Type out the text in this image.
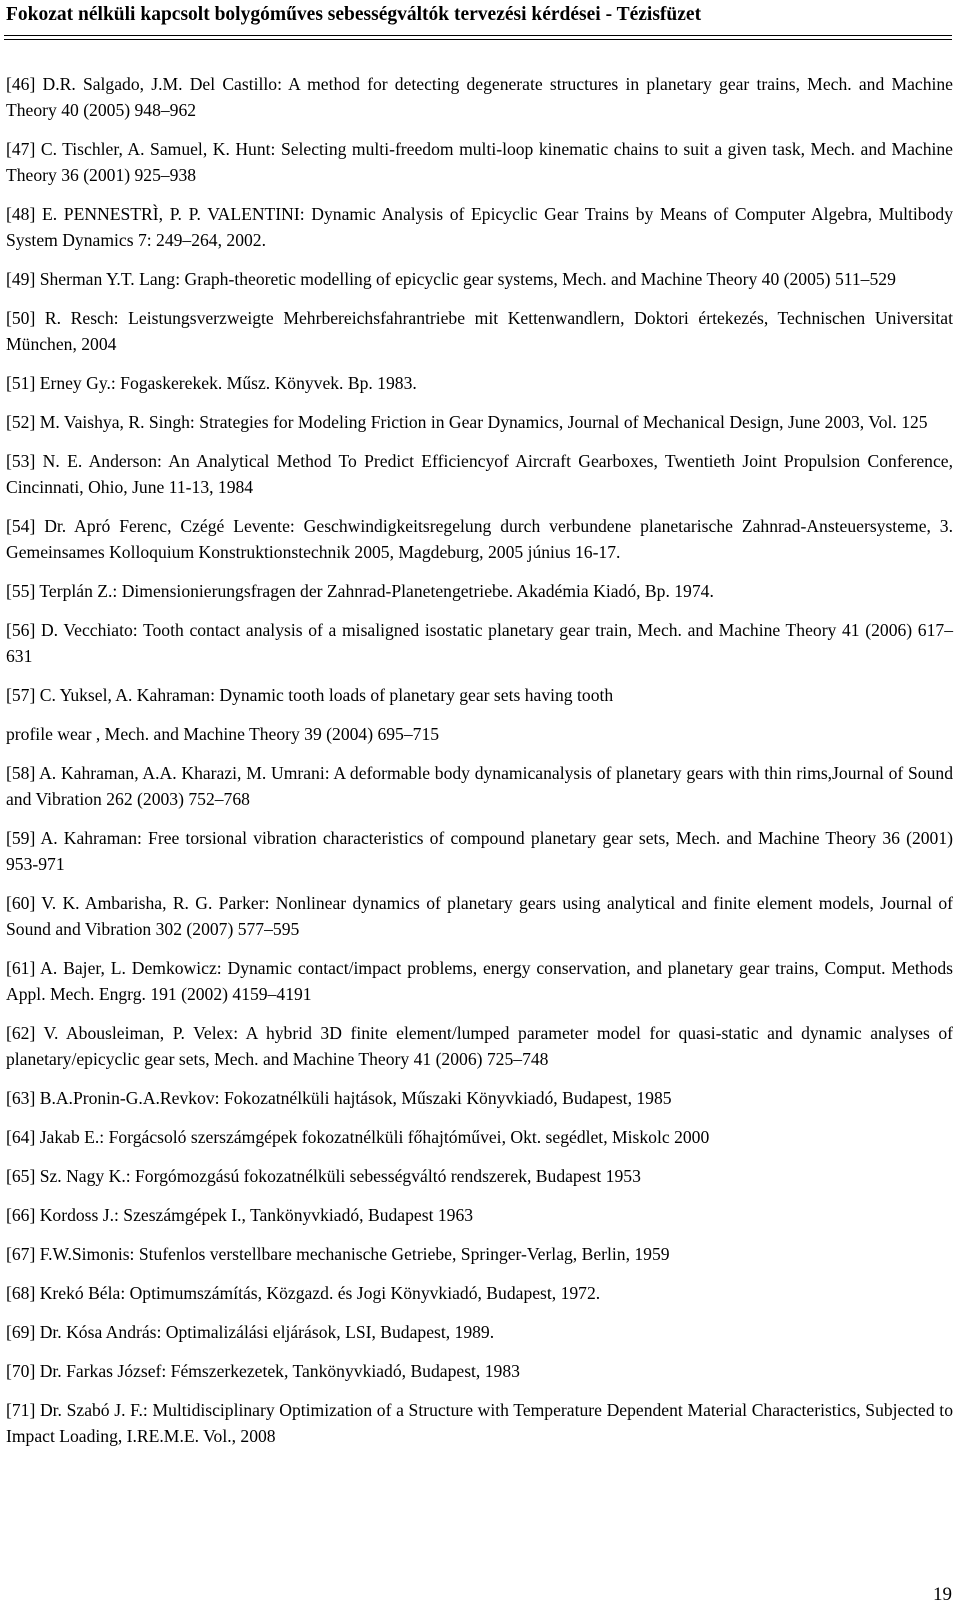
Fokozat nélküli kapcsolt bolygóműves sebességváltók tervezési kérdései - Tézisfüzet
[46] D.R. Salgado, J.M. Del Castillo: A method for detecting degenerate structures in planetary gear trains, Mech. and Machine Theory 40 (2005) 948–962
[47] C. Tischler, A. Samuel, K. Hunt: Selecting multi-freedom multi-loop kinematic chains to suit a given task, Mech. and Machine Theory 36 (2001) 925–938
[48] E. PENNESTRÌ, P. P. VALENTINI: Dynamic Analysis of Epicyclic Gear Trains by Means of Computer Algebra, Multibody System Dynamics 7: 249–264, 2002.
[49] Sherman Y.T. Lang: Graph-theoretic modelling of epicyclic gear systems, Mech. and Machine Theory 40 (2005) 511–529
[50] R. Resch: Leistungsverzweigte Mehrbereichsfahrantriebe mit Kettenwandlern, Doktori értekezés, Technischen Universitat München, 2004
[51] Erney Gy.: Fogaskerekek. Műsz. Könyvek. Bp. 1983.
[52] M. Vaishya, R. Singh: Strategies for Modeling Friction in Gear Dynamics, Journal of Mechanical Design, June 2003, Vol. 125
[53] N. E. Anderson: An Analytical Method To Predict Efficiencyof Aircraft Gearboxes, Twentieth Joint Propulsion Conference, Cincinnati, Ohio, June 11-13, 1984
[54] Dr. Apró Ferenc, Czégé Levente: Geschwindigkeitsregelung durch verbundene planetarische Zahnrad-Ansteuersysteme, 3. Gemeinsames Kolloquium Konstruktionstechnik 2005, Magdeburg, 2005 június 16-17.
[55] Terplán Z.: Dimensionierungsfragen der Zahnrad-Planetengetriebe. Akadémia Kiadó, Bp. 1974.
[56] D. Vecchiato: Tooth contact analysis of a misaligned isostatic planetary gear train, Mech. and Machine Theory 41 (2006) 617–631
[57] C. Yuksel, A. Kahraman: Dynamic tooth loads of planetary gear sets having tooth
profile wear , Mech. and Machine Theory 39 (2004) 695–715
[58] A. Kahraman, A.A. Kharazi, M. Umrani: A deformable body dynamicanalysis of planetary gears with thin rims,Journal of Sound and Vibration 262 (2003) 752–768
[59] A. Kahraman: Free torsional vibration characteristics of compound planetary gear sets, Mech. and Machine Theory 36 (2001) 953-971
[60] V. K. Ambarisha, R. G. Parker: Nonlinear dynamics of planetary gears using analytical and finite element models, Journal of Sound and Vibration 302 (2007) 577–595
[61] A. Bajer, L. Demkowicz: Dynamic contact/impact problems, energy conservation, and planetary gear trains, Comput. Methods Appl. Mech. Engrg. 191 (2002) 4159–4191
[62] V. Abousleiman, P. Velex: A hybrid 3D finite element/lumped parameter model for quasi-static and dynamic analyses of planetary/epicyclic gear sets, Mech. and Machine Theory 41 (2006) 725–748
[63] B.A.Pronin-G.A.Revkov: Fokozatnélküli hajtások, Műszaki Könyvkiadó, Budapest, 1985
[64] Jakab E.: Forgácsoló szerszámgépek fokozatnélküli főhajtóművei, Okt. segédlet, Miskolc 2000
[65] Sz. Nagy K.: Forgómozgású fokozatnélküli sebességváltó rendszerek, Budapest 1953
[66] Kordoss J.: Szeszámgépek I., Tankönyvkiadó, Budapest 1963
[67] F.W.Simonis: Stufenlos verstellbare mechanische Getriebe, Springer-Verlag, Berlin, 1959
[68] Krekó Béla: Optimumszámítás, Közgazd. és Jogi Könyvkiadó, Budapest, 1972.
[69] Dr. Kósa András: Optimalizálási eljárások, LSI, Budapest, 1989.
[70] Dr. Farkas József: Fémszerkezetek, Tankönyvkiadó, Budapest, 1983
[71] Dr. Szabó J. F.: Multidisciplinary Optimization of a Structure with Temperature Dependent Material Characteristics, Subjected to Impact Loading, I.RE.M.E. Vol., 2008
19
